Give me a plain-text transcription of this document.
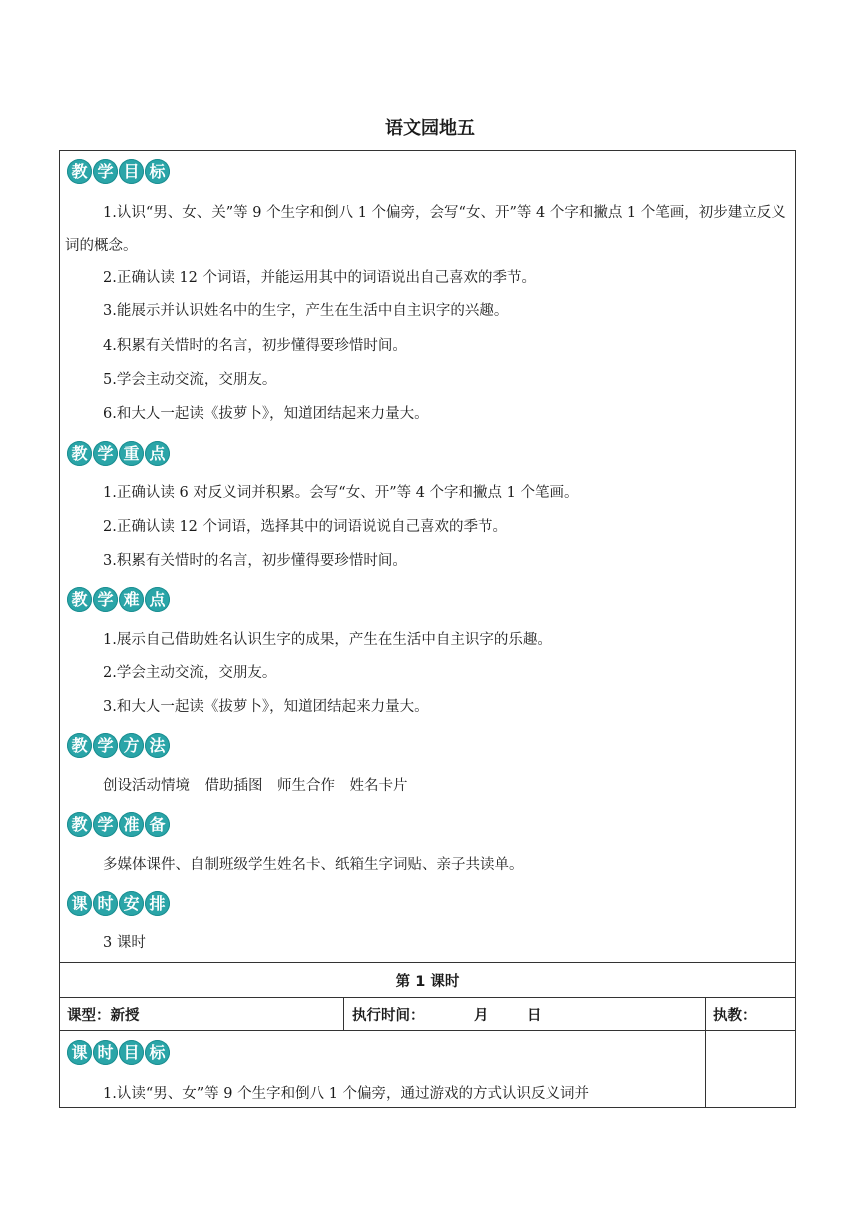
语文园地五
教 学 目 标
1.认识“男、女、关”等 9 个生字和倒八 1 个偏旁，会写“女、开”等 4 个字和撇点 1 个笔画，初步建立反义词的概念。
2.正确认读 12 个词语，并能运用其中的词语说出自己喜欢的季节。
3.能展示并认识姓名中的生字，产生在生活中自主识字的兴趣。
4.积累有关惜时的名言，初步懂得要珍惜时间。
5.学会主动交流，交朋友。
6.和大人一起读《拔萝卜》，知道团结起来力量大。
教 学 重 点
1.正确认读 6 对反义词并积累。会写“女、开”等 4 个字和撇点 1 个笔画。
2.正确认读 12 个词语，选择其中的词语说说自己喜欢的季节。
3.积累有关惜时的名言，初步懂得要珍惜时间。
教 学 难 点
1.展示自己借助姓名认识生字的成果，产生在生活中自主识字的乐趣。
2.学会主动交流，交朋友。
3.和大人一起读《拔萝卜》，知道团结起来力量大。
教 学 方 法
创设活动情境　借助插图　师生合作　姓名卡片
教 学 准 备
多媒体课件、自制班级学生姓名卡、纸箱生字词贴、亲子共读单。
课 时 安 排
3 课时
第 1 课时
课型：新授	执行时间：	月	日	执教：
课 时 目 标
1.认读“男、女”等 9 个生字和倒八 1 个偏旁，通过游戏的方式认识反义词并
